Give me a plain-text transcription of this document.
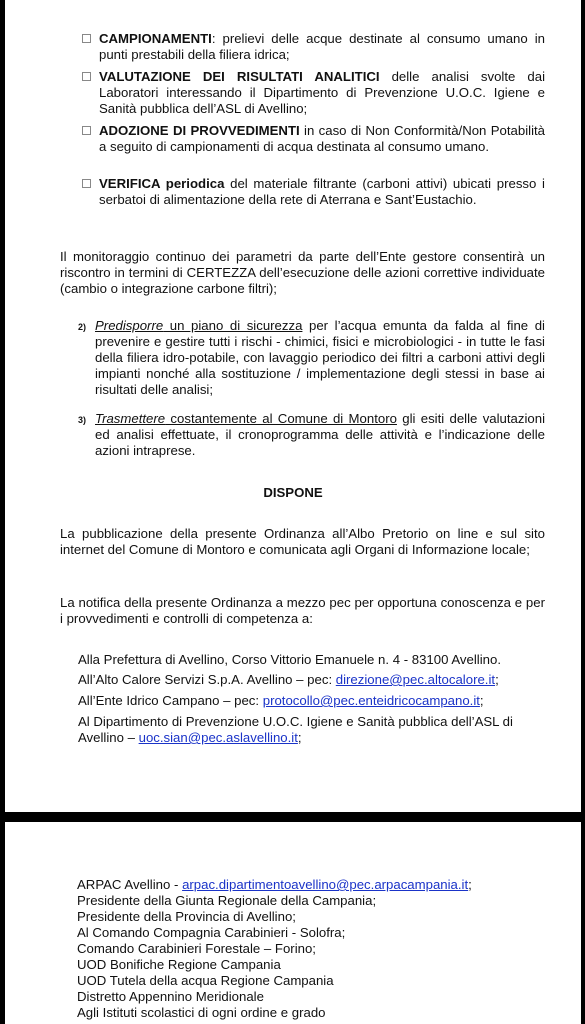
CAMPIONAMENTI: prelievi delle acque destinate al consumo umano in punti prestabili della filiera idrica;
VALUTAZIONE DEI RISULTATI ANALITICI delle analisi svolte dai Laboratori interessando il Dipartimento di Prevenzione U.O.C. Igiene e Sanità pubblica dell’ASL di Avellino;
ADOZIONE DI PROVVEDIMENTI in caso di Non Conformità/Non Potabilità a seguito di campionamenti di acqua destinata al consumo umano.
VERIFICA periodica del materiale filtrante (carboni attivi) ubicati presso i serbatoi di alimentazione della rete di Aterrana e Sant’Eustachio.
Il monitoraggio continuo dei parametri da parte dell’Ente gestore consentirà un riscontro in termini di CERTEZZA dell’esecuzione delle azioni correttive individuate (cambio o integrazione carbone filtri);
2) Predisporre un piano di sicurezza per l’acqua emunta da falda al fine di prevenire e gestire tutti i rischi - chimici, fisici e microbiologici - in tutte le fasi della filiera idro-potabile, con lavaggio periodico dei filtri a carboni attivi degli impianti nonché alla sostituzione / implementazione degli stessi in base ai risultati delle analisi;
3) Trasmettere costantemente al Comune di Montoro gli esiti delle valutazioni ed analisi effettuate, il cronoprogramma delle attività e l’indicazione delle azioni intraprese.
DISPONE
La pubblicazione della presente Ordinanza all’Albo Pretorio on line e sul sito internet del Comune di Montoro e comunicata agli Organi di Informazione locale;
La notifica della presente Ordinanza a mezzo pec per opportuna conoscenza e per i provvedimenti e controlli di competenza a:
Alla Prefettura di Avellino, Corso Vittorio Emanuele n. 4 - 83100 Avellino.
All’Alto Calore Servizi S.p.A. Avellino – pec: direzione@pec.altocalore.it;
All’Ente Idrico Campano – pec: protocollo@pec.enteidricocampano.it;
Al Dipartimento di Prevenzione U.O.C. Igiene e Sanità pubblica dell’ASL di Avellino – uoc.sian@pec.aslavellino.it;
ARPAC Avellino - arpac.dipartimentoavellino@pec.arpacampania.it;
Presidente della Giunta Regionale della Campania;
Presidente della Provincia di Avellino;
Al Comando Compagnia Carabinieri - Solofra;
Comando Carabinieri Forestale – Forino;
UOD Bonifiche Regione Campania
UOD Tutela della acqua Regione Campania
Distretto Appennino Meridionale
Agli Istituti scolastici di ogni ordine e grado
